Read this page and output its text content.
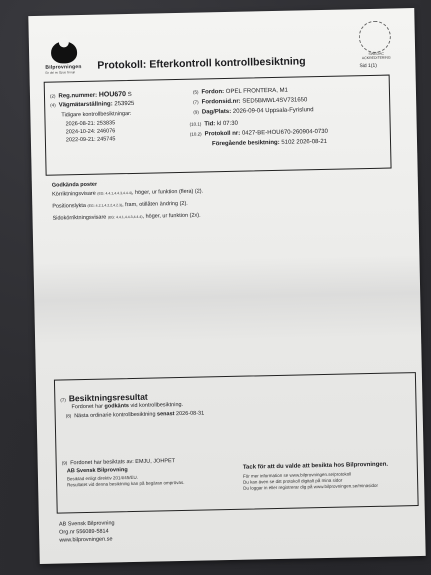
Bilprovningen
En del av Opus Group
Protokoll: Efterkontroll kontrollbesiktning
SWEDAC ACKREDITERING
Sid 1(1)
(2) Reg.nummer: HOU670 S
(4) Vägmätarställning: 253925
Tidigare kontrollbesiktningar:
2026-08-21: 253835
2024-10-24: 246076
2022-09-21: 245745
(5) Fordon: OPEL FRONTERA, M1
(7) Fordonsid.nr: SED5BMWL4SV731650
(9) Dag/Plats: 2026-09-04 Uppsala-Fyrislund
(10.1) Tid: kl 07:30
(10.2) Protokoll nr: 0427-BE-HOU670-260904-0730
Föregående besiktning: 5102 2026-08-21
Godkända poster
Körriktningsvisare (EG: 4.4.1,4.4.3,4.4.4), höger, ur funktion (flera) (2).
Positionslykta (EG: 4.2.1,4.2.2,4.2.3), fram, otillåten ändring (2).
Sidokörriktningsvisare (EG: 4.4.1,4.4.3,4.4.4), höger, ur funktion (2x).
(7) Besiktningsresultat
Fordonet har godkänts vid kontrollbesiktning.
(8) Nästa ordinarie kontrollbesiktning senast 2026-08-31
(9) Fordonet har besiktats av: EMJU, JOHPET
AB Svensk Bilprovning
Besiktad enligt direktiv 2014/45/EU.
Resultatet vid denna besiktning kan på begäran omprövas.
Tack för att du valde att besikta hos Bilprovningen.
För mer information se www.bilprovningen.se/protokoll
Du kan även se ditt protokoll digitalt på mina sidor
Du loggar in eller registrerar dig på www.bilprovningen.se/minasidor
AB Svensk Bilprovning
Org.nr 556089-5814
www.bilprovningen.se
